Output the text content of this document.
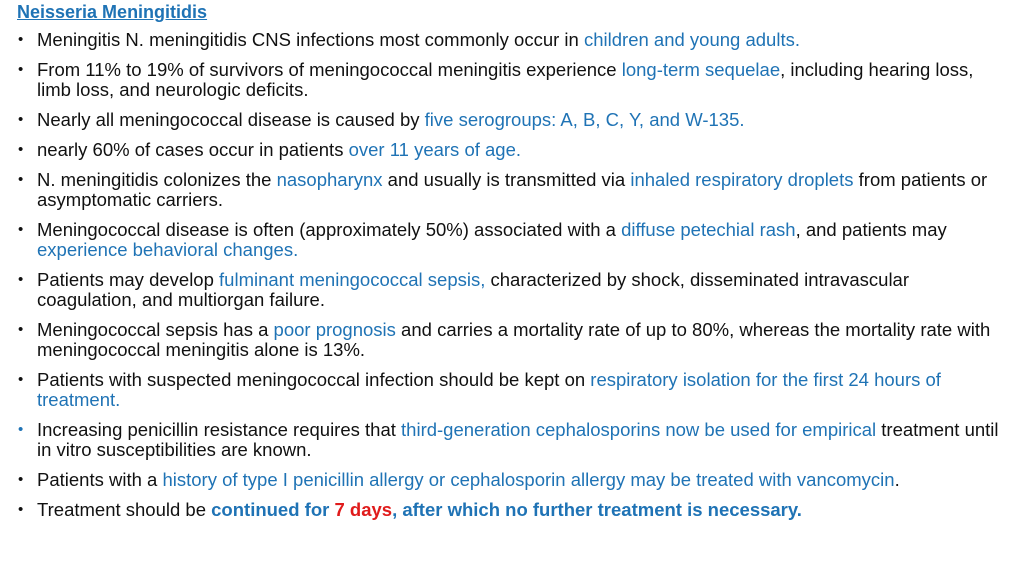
Neisseria Meningitidis
• Meningitis N. meningitidis CNS infections most commonly occur in children and young adults.
• From 11% to 19% of survivors of meningococcal meningitis experience long-term sequelae, including hearing loss, limb loss, and neurologic deficits.
• Nearly all meningococcal disease is caused by five serogroups: A, B, C, Y, and W-135.
• nearly 60% of cases occur in patients over 11 years of age.
• N. meningitidis colonizes the nasopharynx and usually is transmitted via inhaled respiratory droplets from patients or asymptomatic carriers.
• Meningococcal disease is often (approximately 50%) associated with a diffuse petechial rash, and patients may experience behavioral changes.
• Patients may develop fulminant meningococcal sepsis, characterized by shock, disseminated intravascular coagulation, and multiorgan failure.
• Meningococcal sepsis has a poor prognosis and carries a mortality rate of up to 80%, whereas the mortality rate with meningococcal meningitis alone is 13%.
• Patients with suspected meningococcal infection should be kept on respiratory isolation for the first 24 hours of treatment.
• Increasing penicillin resistance requires that third-generation cephalosporins now be used for empirical treatment until in vitro susceptibilities are known.
• Patients with a history of type I penicillin allergy or cephalosporin allergy may be treated with vancomycin.
• Treatment should be continued for 7 days, after which no further treatment is necessary.
